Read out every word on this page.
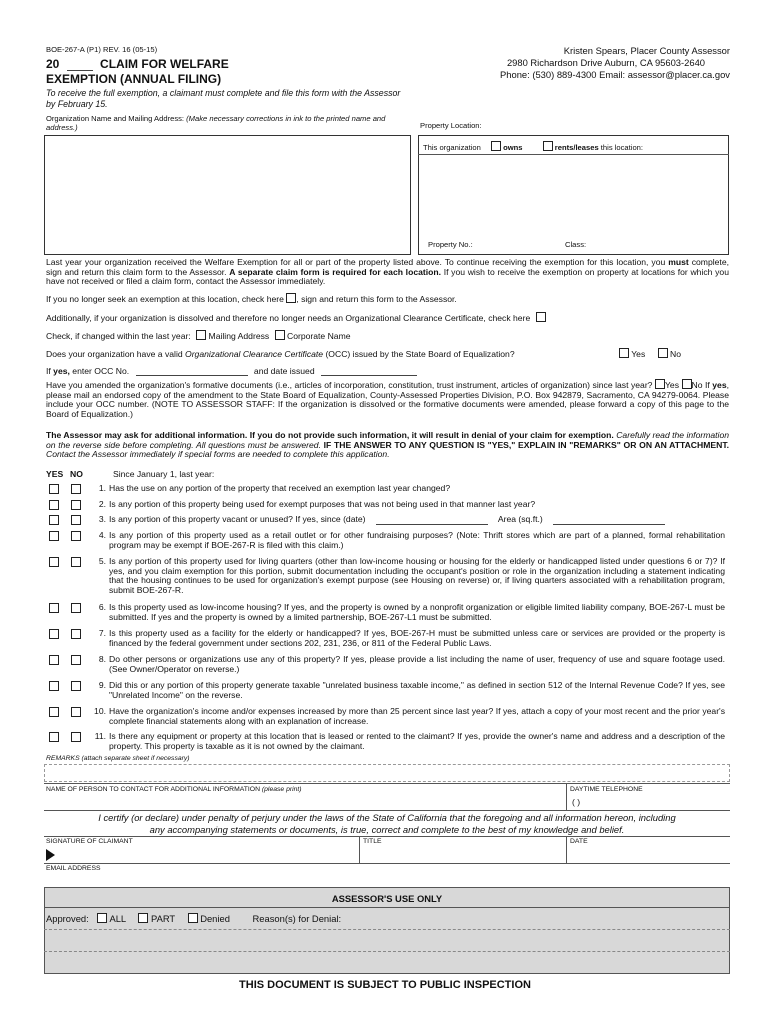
BOE-267-A (P1) REV. 16 (05-15)
20	CLAIM FOR WELFARE
EXEMPTION (ANNUAL FILING)
To receive the full exemption, a claimant must complete and file this form with the Assessor by February 15.
Kristen Spears, Placer County Assessor
2980 Richardson Drive Auburn, CA 95603-2640
Phone: (530) 889-4300 Email: assessor@placer.ca.gov
Organization Name and Mailing Address: (Make necessary corrections in ink to the printed name and address.)	Property Location:
This organization	owns	rents/leases this location:
Property No.:	Class:
Last year your organization received the Welfare Exemption for all or part of the property listed above. To continue receiving the exemption for this location, you must complete, sign and return this claim form to the Assessor. A separate claim form is required for each location. If you wish to receive the exemption on property at locations for which you have not received or filed a claim form, contact the Assessor immediately.
If you no longer seek an exemption at this location, check here , sign and return this form to the Assessor.
Additionally, if your organization is dissolved and therefore no longer needs an Organizational Clearance Certificate, check here
Check, if changed within the last year: Mailing Address Corporate Name
Does your organization have a valid Organizational Clearance Certificate (OCC) issued by the State Board of Equalization?	Yes	No
If yes, enter OCC No.	and date issued
Have you amended the organization's formative documents (i.e., articles of incorporation, constitution, trust instrument, articles of organization) since last year? Yes No If yes, please mail an endorsed copy of the amendment to the State Board of Equalization, County-Assessed Properties Division, P.O. Box 942879, Sacramento, CA 94279-0064. Please include your OCC number. (NOTE TO ASSESSOR STAFF: If the organization is dissolved or the formative documents were amended, please forward a copy of this page to the Board of Equalization.)
The Assessor may ask for additional information. If you do not provide such information, it will result in denial of your claim for exemption. Carefully read the information on the reverse side before completing. All questions must be answered. IF THE ANSWER TO ANY QUESTION IS "YES," EXPLAIN IN "REMARKS" OR ON AN ATTACHMENT. Contact the Assessor immediately if special forms are needed to complete this application.
YES NO	Since January 1, last year:
1. Has the use on any portion of the property that received an exemption last year changed?
2. Is any portion of this property being used for exempt purposes that was not being used in that manner last year?
3. Is any portion of this property vacant or unused? If yes, since (date)	Area (sq.ft.)
4. Is any portion of this property used as a retail outlet or for other fundraising purposes? (Note: Thrift stores which are part of a planned, formal rehabilitation program may be exempt if BOE-267-R is filed with this claim.)
5. Is any portion of this property used for living quarters (other than low-income housing or housing for the elderly or handicapped listed under questions 6 or 7)? If yes, and you claim exemption for this portion, submit documentation including the occupant's position or role in the organization including a statement indicating that the housing continues to be used for organization's exempt purpose (see Housing on reverse) or, if living quarters associated with a rehabilitation program, submit BOE-267-R.
6. Is this property used as low-income housing? If yes, and the property is owned by a nonprofit organization or eligible limited liability company, BOE-267-L must be submitted. If yes and the property is owned by a limited partnership, BOE-267-L1 must be submitted.
7. Is this property used as a facility for the elderly or handicapped? If yes, BOE-267-H must be submitted unless care or services are provided or the property is financed by the federal government under sections 202, 231, 236, or 811 of the Federal Public Laws.
8. Do other persons or organizations use any of this property? If yes, please provide a list including the name of user, frequency of use and square footage used. (See Owner/Operator on reverse.)
9. Did this or any portion of this property generate taxable "unrelated business taxable income," as defined in section 512 of the Internal Revenue Code? If yes, see "Unrelated Income" on the reverse.
10. Have the organization's income and/or expenses increased by more than 25 percent since last year? If yes, attach a copy of your most recent and the prior year's complete financial statements along with an explanation of increase.
11. Is there any equipment or property at this location that is leased or rented to the claimant? If yes, provide the owner's name and address and a description of the property. This property is taxable as it is not owned by the claimant.
REMARKS (attach separate sheet if necessary)
NAME OF PERSON TO CONTACT FOR ADDITIONAL INFORMATION (please print)	DAYTIME TELEPHONE
( )
I certify (or declare) under penalty of perjury under the laws of the State of California that the foregoing and all information hereon, including
any accompanying statements or documents, is true, correct and complete to the best of my knowledge and belief.
SIGNATURE OF CLAIMANT	TITLE	DATE
EMAIL ADDRESS
ASSESSOR'S USE ONLY
Approved: ALL	PART	Denied Reason(s) for Denial:
THIS DOCUMENT IS SUBJECT TO PUBLIC INSPECTION
